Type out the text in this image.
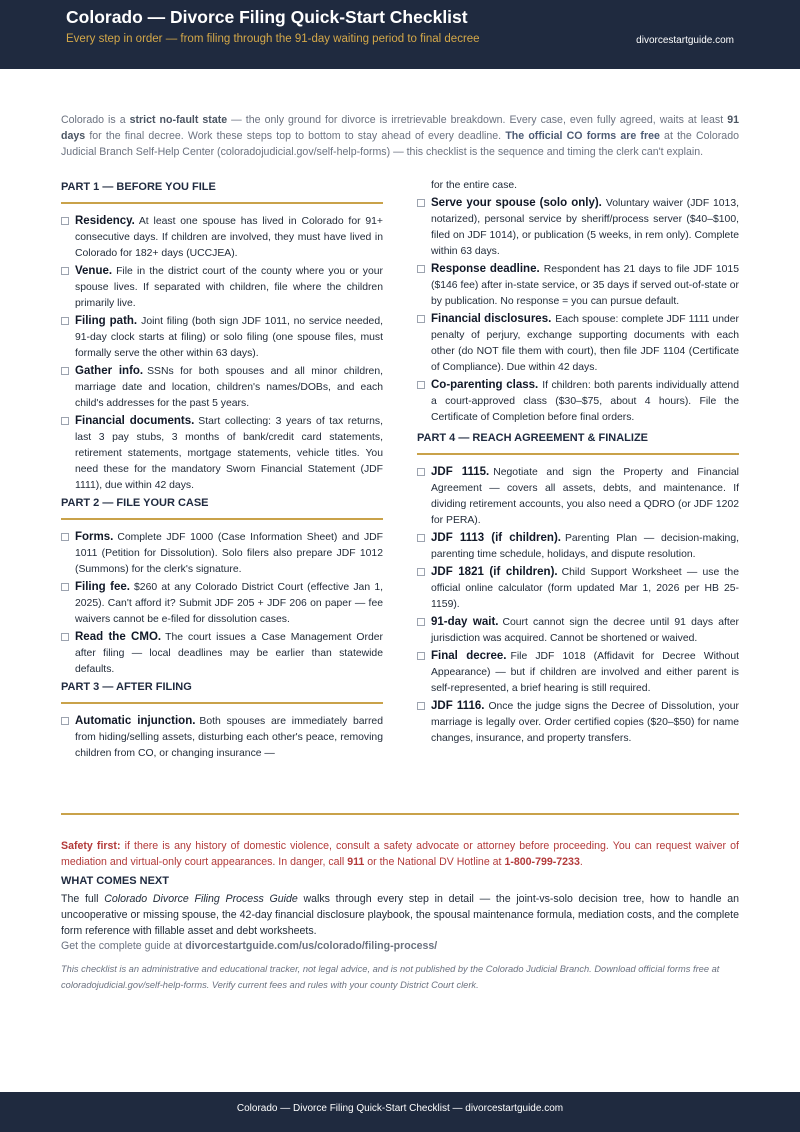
Colorado — Divorce Filing Quick-Start Checklist
Every step in order — from filing through the 91-day waiting period to final decree	divorcestartguide.com
Colorado is a strict no-fault state — the only ground for divorce is irretrievable breakdown. Every case, even fully agreed, waits at least 91 days for the final decree. Work these steps top to bottom to stay ahead of every deadline. The official CO forms are free at the Colorado Judicial Branch Self-Help Center (coloradojudicial.gov/self-help-forms) — this checklist is the sequence and timing the clerk can't explain.
PART 1 — BEFORE YOU FILE
Residency. At least one spouse has lived in Colorado for 91+ consecutive days. If children are involved, they must have lived in Colorado for 182+ days (UCCJEA).
Venue. File in the district court of the county where you or your spouse lives. If separated with children, file where the children primarily live.
Filing path. Joint filing (both sign JDF 1011, no service needed, 91-day clock starts at filing) or solo filing (one spouse files, must formally serve the other within 63 days).
Gather info. SSNs for both spouses and all minor children, marriage date and location, children's names/DOBs, and each child's addresses for the past 5 years.
Financial documents. Start collecting: 3 years of tax returns, last 3 pay stubs, 3 months of bank/credit card statements, retirement statements, mortgage statements, vehicle titles. You need these for the mandatory Sworn Financial Statement (JDF 1111), due within 42 days.
PART 2 — FILE YOUR CASE
Forms. Complete JDF 1000 (Case Information Sheet) and JDF 1011 (Petition for Dissolution). Solo filers also prepare JDF 1012 (Summons) for the clerk's signature.
Filing fee. $260 at any Colorado District Court (effective Jan 1, 2025). Can't afford it? Submit JDF 205 + JDF 206 on paper — fee waivers cannot be e-filed for dissolution cases.
Read the CMO. The court issues a Case Management Order after filing — local deadlines may be earlier than statewide defaults.
PART 3 — AFTER FILING
Automatic injunction. Both spouses are immediately barred from hiding/selling assets, disturbing each other's peace, removing children from CO, or changing insurance —
for the entire case.
Serve your spouse (solo only). Voluntary waiver (JDF 1013, notarized), personal service by sheriff/process server ($40–$100, filed on JDF 1014), or publication (5 weeks, in rem only). Complete within 63 days.
Response deadline. Respondent has 21 days to file JDF 1015 ($146 fee) after in-state service, or 35 days if served out-of-state or by publication. No response = you can pursue default.
Financial disclosures. Each spouse: complete JDF 1111 under penalty of perjury, exchange supporting documents with each other (do NOT file them with court), then file JDF 1104 (Certificate of Compliance). Due within 42 days.
Co-parenting class. If children: both parents individually attend a court-approved class ($30–$75, about 4 hours). File the Certificate of Completion before final orders.
PART 4 — REACH AGREEMENT & FINALIZE
JDF 1115. Negotiate and sign the Property and Financial Agreement — covers all assets, debts, and maintenance. If dividing retirement accounts, you also need a QDRO (or JDF 1202 for PERA).
JDF 1113 (if children). Parenting Plan — decision-making, parenting time schedule, holidays, and dispute resolution.
JDF 1821 (if children). Child Support Worksheet — use the official online calculator (form updated Mar 1, 2026 per HB 25-1159).
91-day wait. Court cannot sign the decree until 91 days after jurisdiction was acquired. Cannot be shortened or waived.
Final decree. File JDF 1018 (Affidavit for Decree Without Appearance) — but if children are involved and either parent is self-represented, a brief hearing is still required.
JDF 1116. Once the judge signs the Decree of Dissolution, your marriage is legally over. Order certified copies ($20–$50) for name changes, insurance, and property transfers.
Safety first: if there is any history of domestic violence, consult a safety advocate or attorney before proceeding. You can request waiver of mediation and virtual-only court appearances. In danger, call 911 or the National DV Hotline at 1-800-799-7233.
WHAT COMES NEXT
The full Colorado Divorce Filing Process Guide walks through every step in detail — the joint-vs-solo decision tree, how to handle an uncooperative or missing spouse, the 42-day financial disclosure playbook, the spousal maintenance formula, mediation costs, and the complete form reference with fillable asset and debt worksheets.
Get the complete guide at divorcestartguide.com/us/colorado/filing-process/
This checklist is an administrative and educational tracker, not legal advice, and is not published by the Colorado Judicial Branch. Download official forms free at coloradojudicial.gov/self-help-forms. Verify current fees and rules with your county District Court clerk.
Colorado — Divorce Filing Quick-Start Checklist — divorcestartguide.com
